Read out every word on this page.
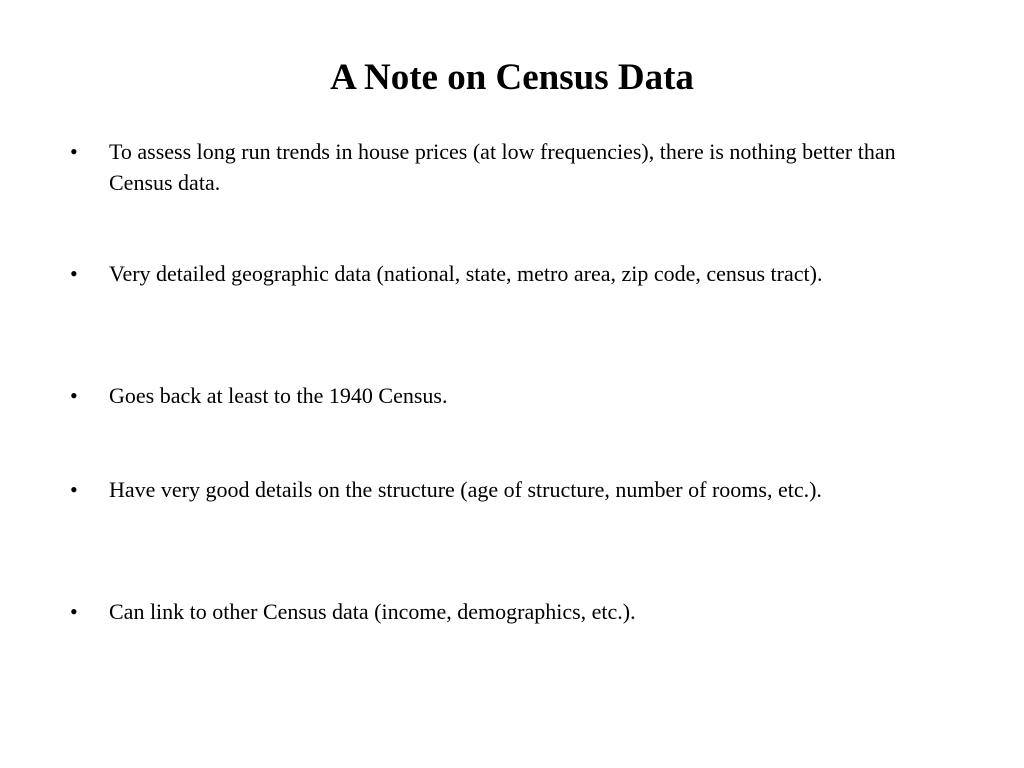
A Note on Census Data
•	To assess long run trends in house prices (at low frequencies), there is nothing better than Census data.
•	Very detailed geographic data (national, state, metro area, zip code, census tract).
•	Goes back at least to the 1940 Census.
•	Have very good details on the structure (age of structure, number of rooms, etc.).
•	Can link to other Census data (income, demographics, etc.).
